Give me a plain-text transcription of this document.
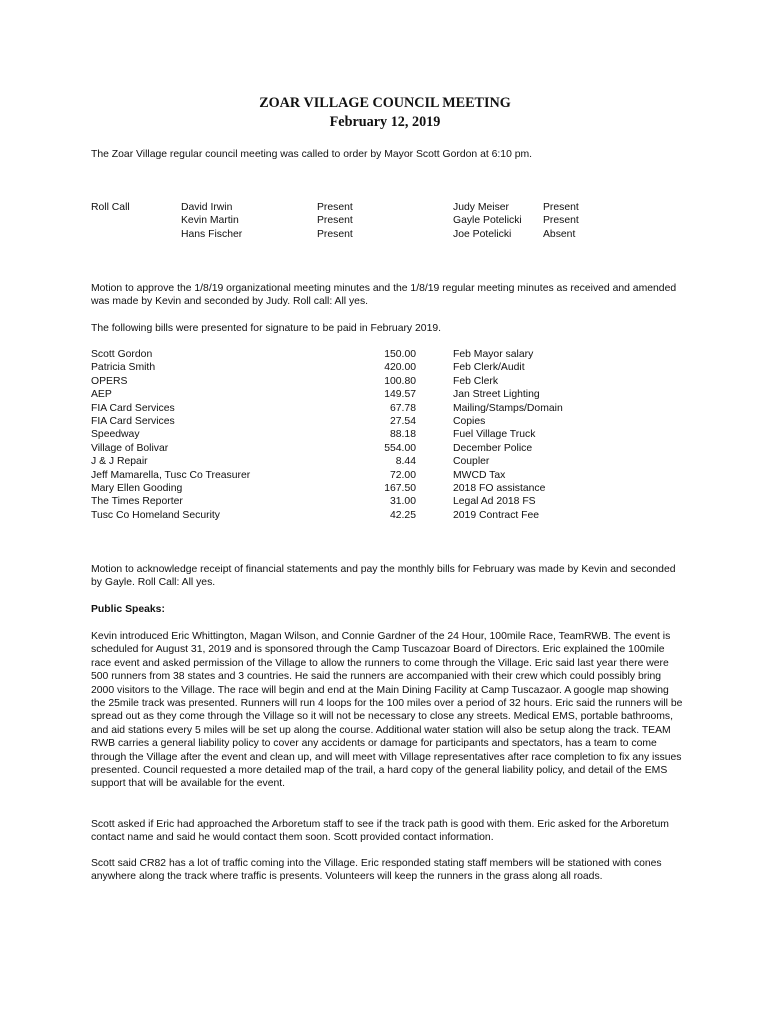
ZOAR VILLAGE COUNCIL MEETING
February 12, 2019
The Zoar Village regular council meeting was called to order by Mayor Scott Gordon at 6:10 pm.
Roll Call	David Irwin
Kevin Martin
Hans Fischer
Present
Present
Present
Judy Meiser
Gayle Potelicki
Joe Potelicki
Present
Present
Absent
Motion to approve the 1/8/19 organizational meeting minutes and the 1/8/19 regular meeting minutes as received and amended was made by Kevin and seconded by Judy. Roll call: All yes.
The following bills were presented for signature to be paid in February 2019.
Scott Gordon
Patricia Smith
OPERS
AEP
FIA Card Services
FIA Card Services
Speedway
Village of Bolivar
J & J Repair
Jeff Mamarella, Tusc Co Treasurer
Mary Ellen Gooding
The Times Reporter
Tusc Co Homeland Security
150.00
420.00
100.80
149.57
67.78
27.54
88.18
554.00
8.44
72.00
167.50
31.00
42.25
Feb Mayor salary
Feb Clerk/Audit
Feb Clerk
Jan Street Lighting
Mailing/Stamps/Domain
Copies
Fuel Village Truck
December Police
Coupler
MWCD Tax
2018 FO assistance
Legal Ad 2018 FS
2019 Contract Fee
Motion to acknowledge receipt of financial statements and pay the monthly bills for February was made by Kevin and seconded by Gayle. Roll Call: All yes.
Public Speaks:
Kevin introduced Eric Whittington, Magan Wilson, and Connie Gardner of the 24 Hour, 100mile Race, TeamRWB. The event is scheduled for August 31, 2019 and is sponsored through the Camp Tuscazoar Board of Directors. Eric explained the 100mile race event and asked permission of the Village to allow the runners to come through the Village. Eric said last year there were 500 runners from 38 states and 3 countries. He said the runners are accompanied with their crew which could possibly bring 2000 visitors to the Village. The race will begin and end at the Main Dining Facility at Camp Tuscazaor. A google map showing the 25mile track was presented. Runners will run 4 loops for the 100 miles over a period of 32 hours. Eric said the runners will be spread out as they come through the Village so it will not be necessary to close any streets. Medical EMS, portable bathrooms, and aid stations every 5 miles will be set up along the course. Additional water station will also be setup along the track. TEAM RWB carries a general liability policy to cover any accidents or damage for participants and spectators, has a team to come through the Village after the event and clean up, and will meet with Village representatives after race completion to fix any issues presented. Council requested a more detailed map of the trail, a hard copy of the general liability policy, and detail of the EMS support that will be available for the event.
Scott asked if Eric had approached the Arboretum staff to see if the track path is good with them. Eric asked for the Arboretum contact name and said he would contact them soon. Scott provided contact information.
Scott said CR82 has a lot of traffic coming into the Village. Eric responded stating staff members will be stationed with cones anywhere along the track where traffic is presents. Volunteers will keep the runners in the grass along all roads.
